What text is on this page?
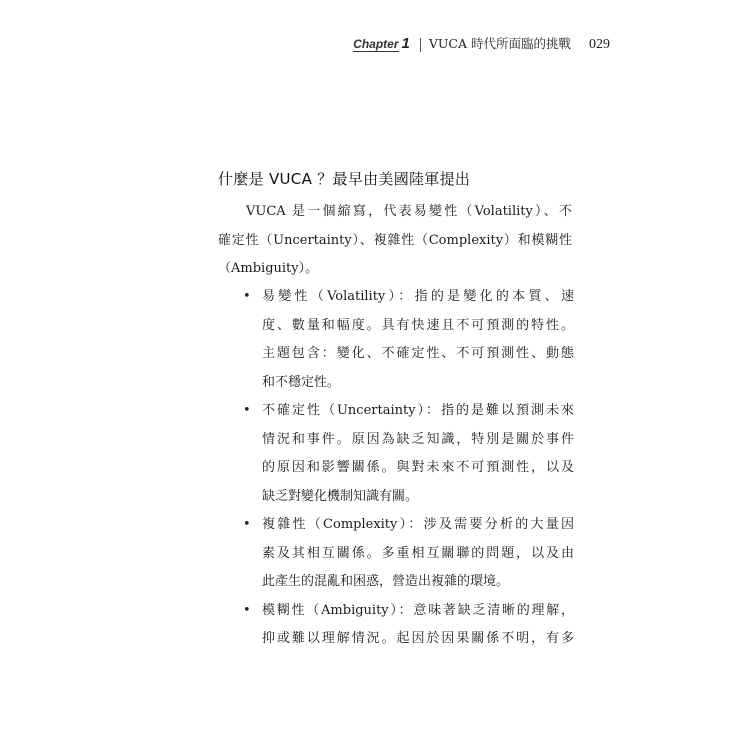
Chapter 1 VUCA 時代所面臨的挑戰 029
什麼是 VUCA ？最早由美國陸軍提出
VUCA 是一個縮寫，代表易變性（Volatility）、不
確定性（Uncertainty）、複雜性（Complexity）和模糊性
（Ambiguity）。
• 易變性（Volatility）：指的是變化的本質、速
度、數量和幅度。具有快速且不可預測的特性。
主題包含：變化、不確定性、不可預測性、動態
和不穩定性。
• 不確定性（Uncertainty）：指的是難以預測未來
情況和事件。原因為缺乏知識，特別是關於事件
的原因和影響關係。與對未來不可預測性，以及
缺乏對變化機制知識有關。
• 複雜性（Complexity）：涉及需要分析的大量因
素及其相互關係。多重相互關聯的問題，以及由
此產生的混亂和困惑，營造出複雜的環境。
• 模糊性（Ambiguity）：意味著缺乏清晰的理解，
抑或難以理解情況。起因於因果關係不明，有多
